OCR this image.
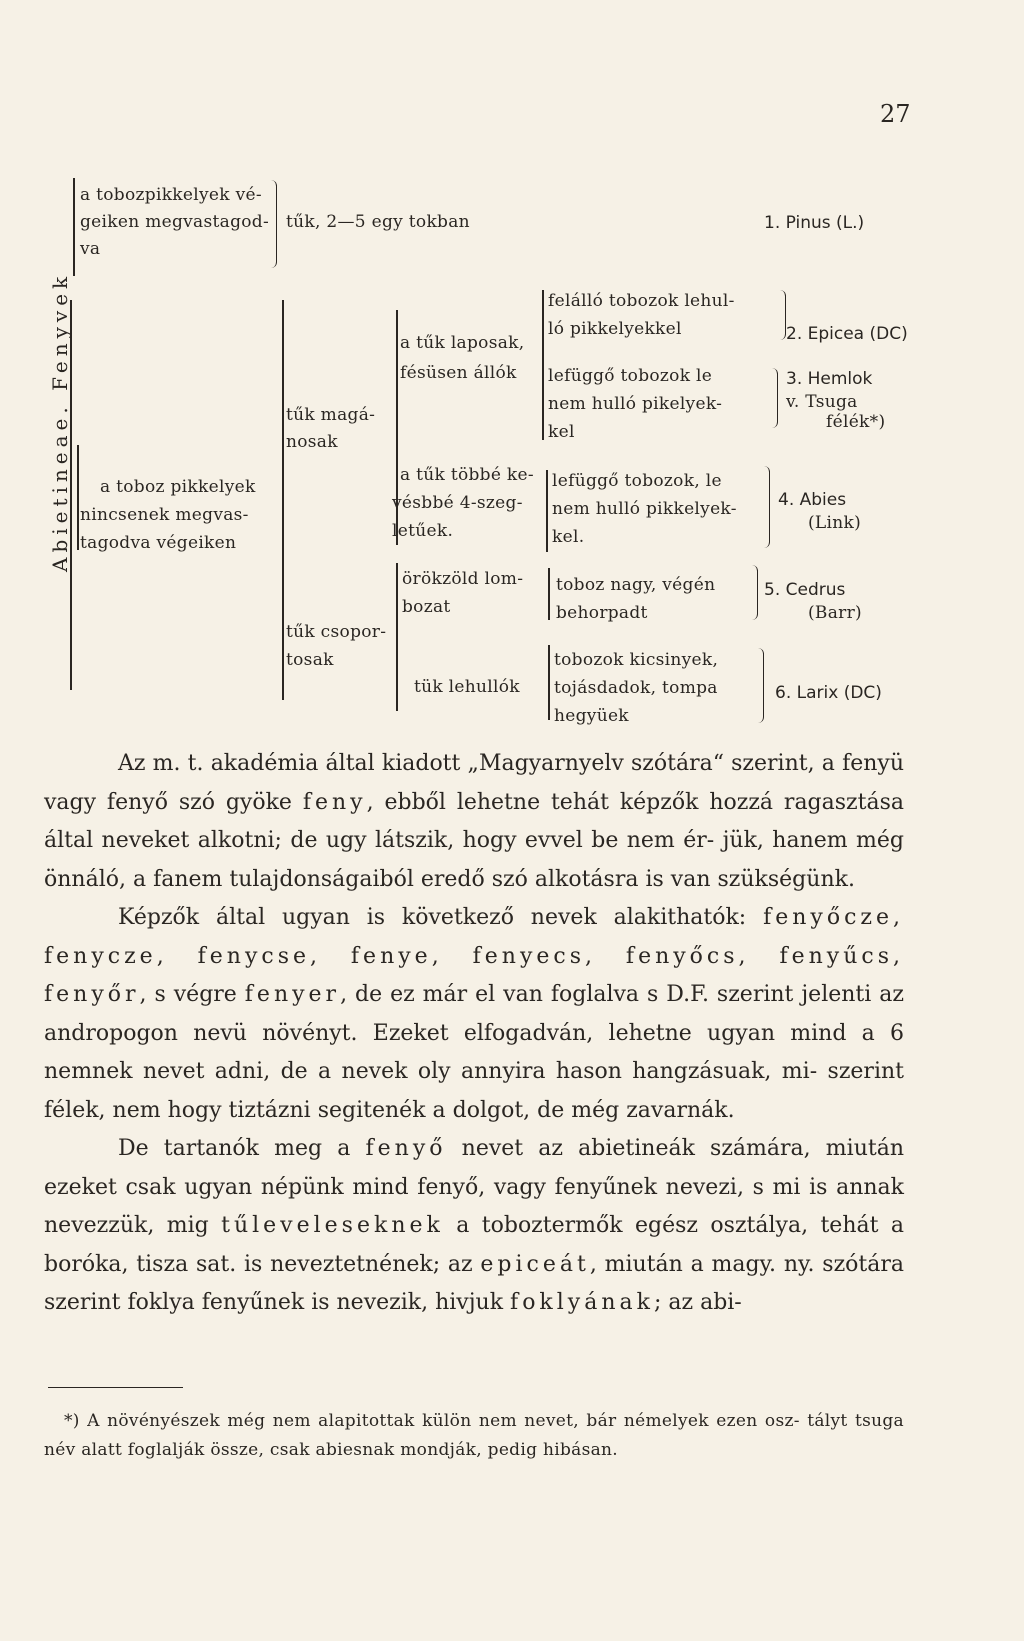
27
Abietineae. Fenyvek
a tobozpikkelyek vé-
geiken megvastagod-
va
tűk, 2—5 egy tokban	1. Pinus (L.)
a toboz pikkelyek
nincsenek megvas-
tagodva végeiken
tűk magá-
nosak
a tűk laposak,
fésüsen állók
felálló tobozok lehul-
ló pikkelyekkel	2. Epicea (DC)
lefüggő tobozok le
nem hulló pikelyek-
kel
3. Hemlok
v. Tsuga
félék*)
a tűk többé ke-
vésbbé 4-szeg-
letűek.
lefüggő tobozok, le
nem hulló pikkelyek-
kel.
4. Abies
(Link)
tűk csopor-
tosak
örökzöld lom-
bozat
toboz nagy, végén
behorpadt
5. Cedrus
(Barr)
tük lehullók
tobozok kicsinyek,
tojásdadok, tompa
hegyüek
6. Larix (DC)

Az m. t. akadémia által kiadott „Magyarnyelv szótára“ szerint, a fenyü vagy fenyő szó gyöke feny, ebből lehetne tehát képzők hozzá ragasztása által neveket alkotni; de ugy látszik, hogy evvel be nem ér- jük, hanem még önnáló, a fanem tulajdonságaiból eredő szó alkotásra is van szükségünk.

Képzők által ugyan is következő nevek alakithatók: fenyőcze, fenycze, fenycse, fenye, fenyecs, fenyőcs, fenyűcs, fenyőr, s végre fenyer, de ez már el van foglalva s D.F. szerint jelenti az andropogon nevü növényt. Ezeket elfogadván, lehetne ugyan mind a 6 nemnek nevet adni, de a nevek oly annyira hason hangzásuak, mi- szerint félek, nem hogy tiztázni segitenék a dolgot, de még zavarnák.

De tartanók meg a fenyő nevet az abietineák számára, miután ezeket csak ugyan népünk mind fenyő, vagy fenyűnek nevezi, s mi is annak nevezzük, mig tűleveleseknek a toboztermők egész osztálya, tehát a boróka, tisza sat. is neveztetnének; az epiceát, miután a magy. ny. szótára szerint foklya fenyűnek is nevezik, hivjuk foklyának; az abi-

*) A növényészek még nem alapitottak külön nem nevet, bár némelyek ezen osz- tályt tsuga név alatt foglalják össze, csak abiesnak mondják, pedig hibásan.
